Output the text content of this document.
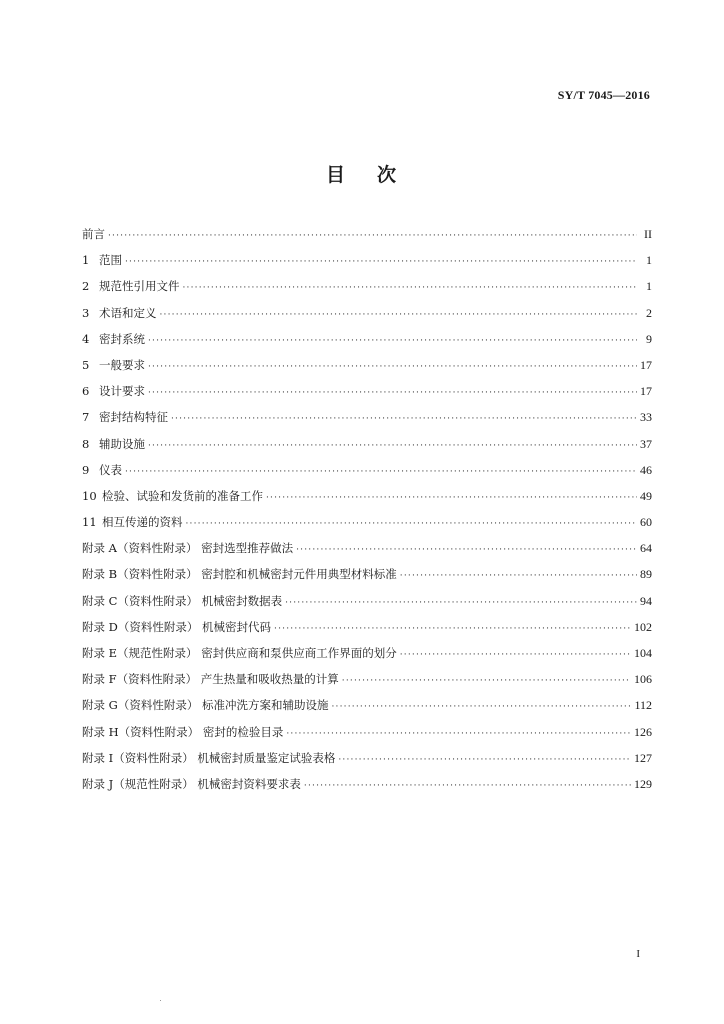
SY/T 7045—2016
目 次
前言 ·····	II
1 范围 ·····	1
2 规范性引用文件 ·····	1
3 术语和定义 ·····	2
4 密封系统 ·····	9
5 一般要求 ·····	17
6 设计要求 ·····	17
7 密封结构特征 ·····	33
8 辅助设施 ·····	37
9 仪表 ·····	46
10 检验、试验和发货前的准备工作 ·····	49
11 相互传递的资料 ·····	60
附录 A（资料性附录） 密封选型推荐做法 ·····	64
附录 B（资料性附录） 密封腔和机械密封元件用典型材料标准 ·····	89
附录 C（资料性附录） 机械密封数据表 ·····	94
附录 D（资料性附录） 机械密封代码 ·····	102
附录 E（规范性附录） 密封供应商和泵供应商工作界面的划分 ·····	104
附录 F（资料性附录） 产生热量和吸收热量的计算 ·····	106
附录 G（资料性附录） 标准冲洗方案和辅助设施 ·····	112
附录 H（资料性附录） 密封的检验目录 ·····	126
附录 I（资料性附录） 机械密封质量鉴定试验表格 ·····	127
附录 J（规范性附录） 机械密封资料要求表 ·····	129
I
